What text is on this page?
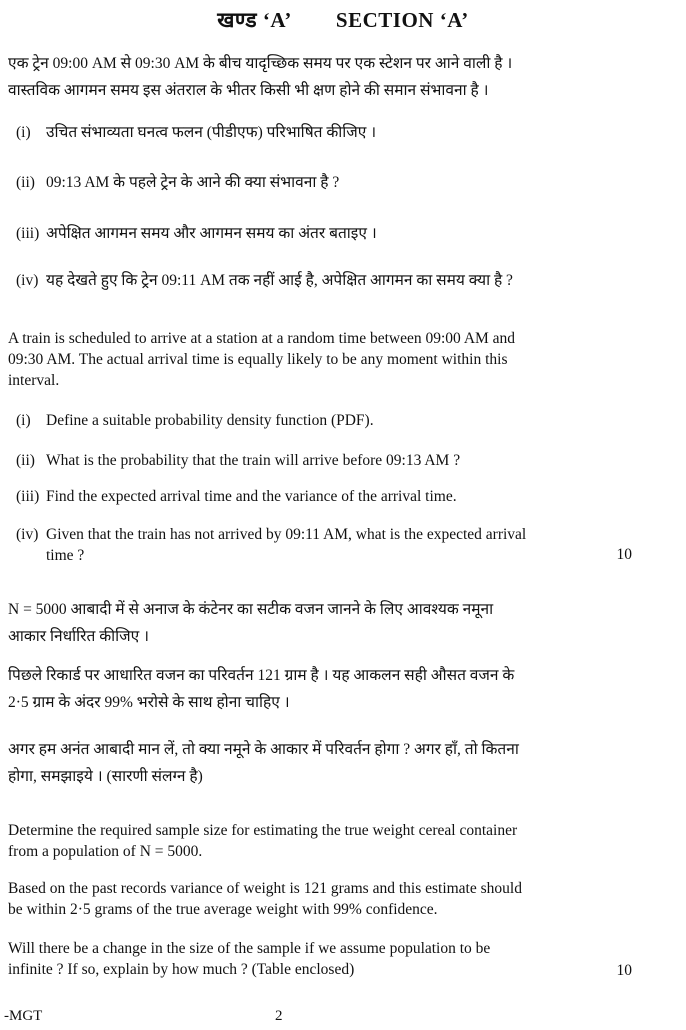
खण्ड ‘A’ SECTION ‘A’
एक ट्रेन 09:00 AM से 09:30 AM के बीच यादृच्छिक समय पर एक स्टेशन पर आने वाली है ।
वास्तविक आगमन समय इस अंतराल के भीतर किसी भी क्षण होने की समान संभावना है ।
(i) उचित संभाव्यता घनत्व फलन (पीडीएफ) परिभाषित कीजिए ।
(ii) 09:13 AM के पहले ट्रेन के आने की क्या संभावना है ?
(iii) अपेक्षित आगमन समय और आगमन समय का अंतर बताइए ।
(iv) यह देखते हुए कि ट्रेन 09:11 AM तक नहीं आई है, अपेक्षित आगमन का समय क्या है ?
A train is scheduled to arrive at a station at a random time between 09:00 AM and
09:30 AM. The actual arrival time is equally likely to be any moment within this
interval.
(i) Define a suitable probability density function (PDF).
(ii) What is the probability that the train will arrive before 09:13 AM ?
(iii) Find the expected arrival time and the variance of the arrival time.
(iv) Given that the train has not arrived by 09:11 AM, what is the expected arrival
time ?	10
N = 5000 आबादी में से अनाज के कंटेनर का सटीक वजन जानने के लिए आवश्यक नमूना
आकार निर्धारित कीजिए ।
पिछले रिकार्ड पर आधारित वजन का परिवर्तन 121 ग्राम है । यह आकलन सही औसत वजन के
2·5 ग्राम के अंदर 99% भरोसे के साथ होना चाहिए ।
अगर हम अनंत आबादी मान लें, तो क्या नमूने के आकार में परिवर्तन होगा ? अगर हाँ, तो कितना
होगा, समझाइये । (सारणी संलग्न है)
Determine the required sample size for estimating the true weight cereal container
from a population of N = 5000.
Based on the past records variance of weight is 121 grams and this estimate should
be within 2·5 grams of the true average weight with 99% confidence.
Will there be a change in the size of the sample if we assume population to be
infinite ? If so, explain by how much ? (Table enclosed)	10
-MGT	2
